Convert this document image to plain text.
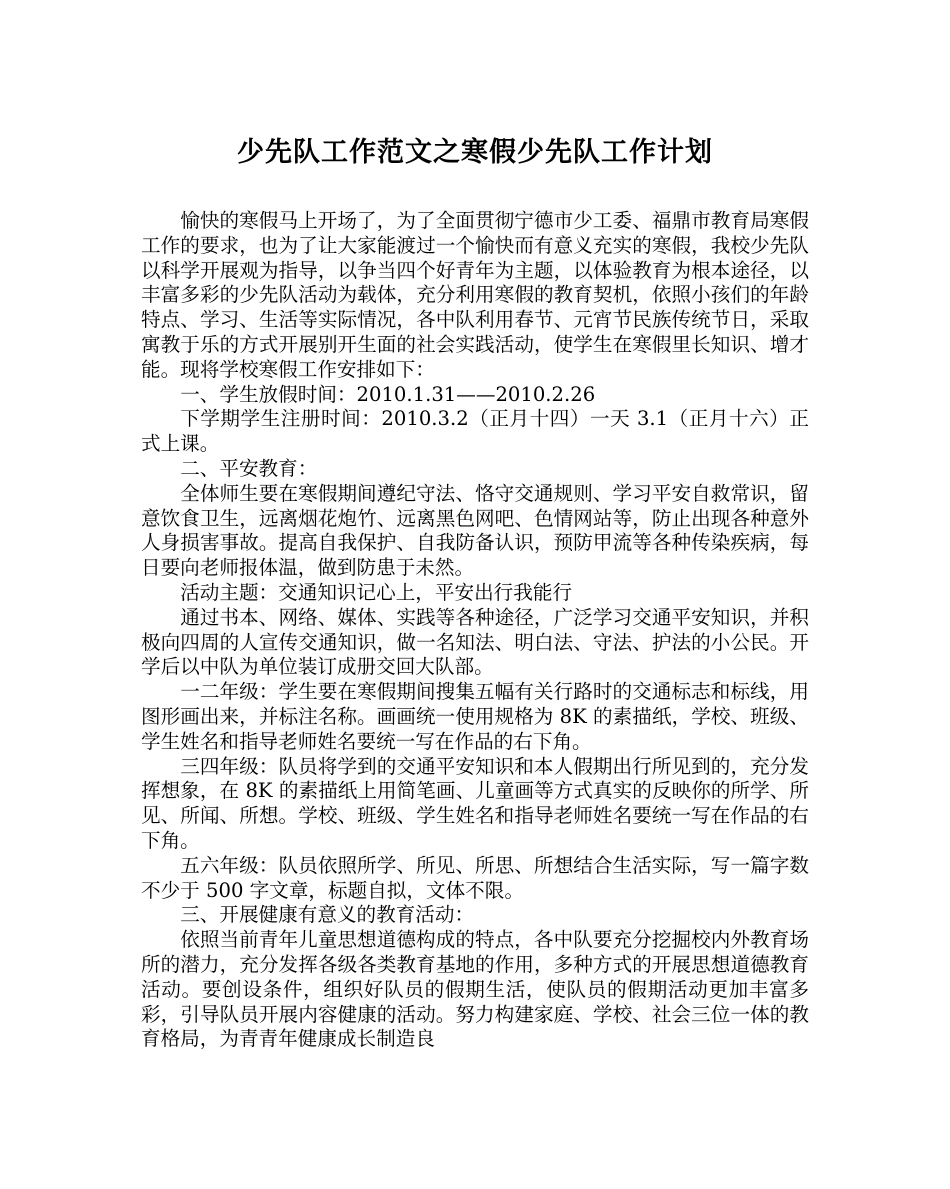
少先队工作范文之寒假少先队工作计划

愉快的寒假马上开场了，为了全面贯彻宁德市少工委、福鼎市教育局寒假工作的要求，也为了让大家能渡过一个愉快而有意义充实的寒假，我校少先队以科学开展观为指导，以争当四个好青年为主题，以体验教育为根本途径，以丰富多彩的少先队活动为载体，充分利用寒假的教育契机，依照小孩们的年龄特点、学习、生活等实际情况，各中队利用春节、元宵节民族传统节日，采取寓教于乐的方式开展别开生面的社会实践活动，使学生在寒假里长知识、增才能。现将学校寒假工作安排如下：

一、学生放假时间：2010.1.31——2010.2.26

下学期学生注册时间：2010.3.2（正月十四）一天 3.1（正月十六）正式上课。

二、平安教育：

全体师生要在寒假期间遵纪守法、恪守交通规则、学习平安自救常识，留意饮食卫生，远离烟花炮竹、远离黑色网吧、色情网站等，防止出现各种意外人身损害事故。提高自我保护、自我防备认识，预防甲流等各种传染疾病，每日要向老师报体温，做到防患于未然。

活动主题：交通知识记心上，平安出行我能行

通过书本、网络、媒体、实践等各种途径，广泛学习交通平安知识，并积极向四周的人宣传交通知识，做一名知法、明白法、守法、护法的小公民。开学后以中队为单位装订成册交回大队部。

一二年级：学生要在寒假期间搜集五幅有关行路时的交通标志和标线，用图形画出来，并标注名称。画画统一使用规格为 8K 的素描纸，学校、班级、学生姓名和指导老师姓名要统一写在作品的右下角。

三四年级：队员将学到的交通平安知识和本人假期出行所见到的，充分发挥想象，在 8K 的素描纸上用简笔画、儿童画等方式真实的反映你的所学、所见、所闻、所想。学校、班级、学生姓名和指导老师姓名要统一写在作品的右下角。

五六年级：队员依照所学、所见、所思、所想结合生活实际，写一篇字数不少于 500 字文章，标题自拟，文体不限。

三、开展健康有意义的教育活动：

依照当前青年儿童思想道德构成的特点，各中队要充分挖掘校内外教育场所的潜力，充分发挥各级各类教育基地的作用，多种方式的开展思想道德教育活动。要创设条件，组织好队员的假期生活，使队员的假期活动更加丰富多彩，引导队员开展内容健康的活动。努力构建家庭、学校、社会三位一体的教育格局，为青青年健康成长制造良
